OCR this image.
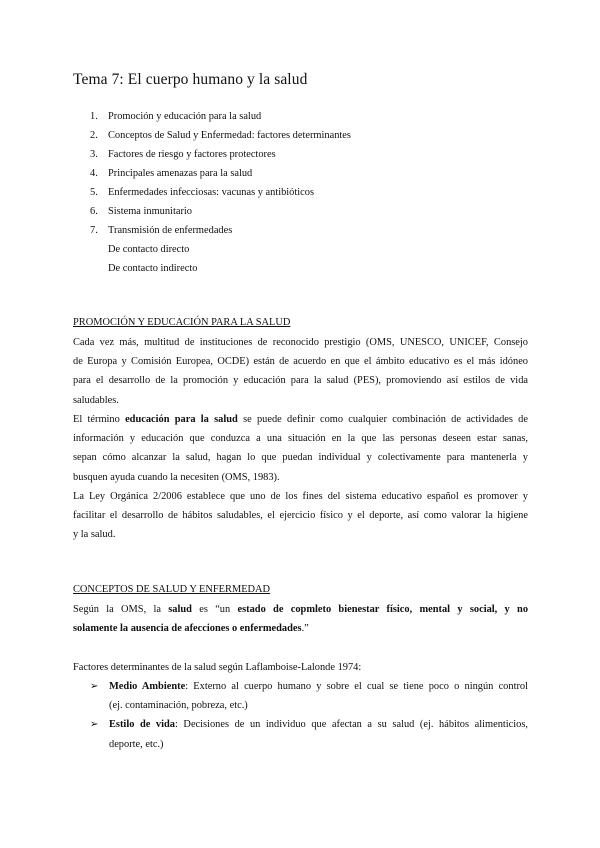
Tema 7: El cuerpo humano y la salud
1. Promoción y educación para la salud
2. Conceptos de Salud y Enfermedad: factores determinantes
3. Factores de riesgo y factores protectores
4. Principales amenazas para la salud
5. Enfermedades infecciosas: vacunas y antibióticos
6. Sistema inmunitario
7. Transmisión de enfermedades
De contacto directo
De contacto indirecto
PROMOCIÓN Y EDUCACIÓN PARA LA SALUD
Cada vez más, multitud de instituciones de reconocido prestigio (OMS, UNESCO, UNICEF, Consejo
de Europa y Comisión Europea, OCDE) están de acuerdo en que el ámbito educativo es el más idóneo
para el desarrollo de la promoción y educación para la salud (PES), promoviendo así estilos de vida
saludables.
El término educación para la salud se puede definir como cualquier combinación de actividades de
información y educación que conduzca a una situación en la que las personas deseen estar sanas,
sepan cómo alcanzar la salud, hagan lo que puedan individual y colectivamente para mantenerla y
busquen ayuda cuando la necesiten (OMS, 1983).
La Ley Orgánica 2/2006 establece que uno de los fines del sistema educativo español es promover y
facilitar el desarrollo de hábitos saludables, el ejercicio físico y el deporte, así como valorar la higiene
y la salud.
CONCEPTOS DE SALUD Y ENFERMEDAD
Según la OMS, la salud es “un estado de copmleto bienestar físico, mental y social, y no
solamente la ausencia de afecciones o enfermedades.”
Factores determinantes de la salud según Laflamboise-Lalonde 1974:
➢ Medio Ambiente: Externo al cuerpo humano y sobre el cual se tiene poco o ningún control
(ej. contaminación, pobreza, etc.)
➢ Estilo de vida: Decisiones de un individuo que afectan a su salud (ej. hábitos alimenticios,
deporte, etc.)
